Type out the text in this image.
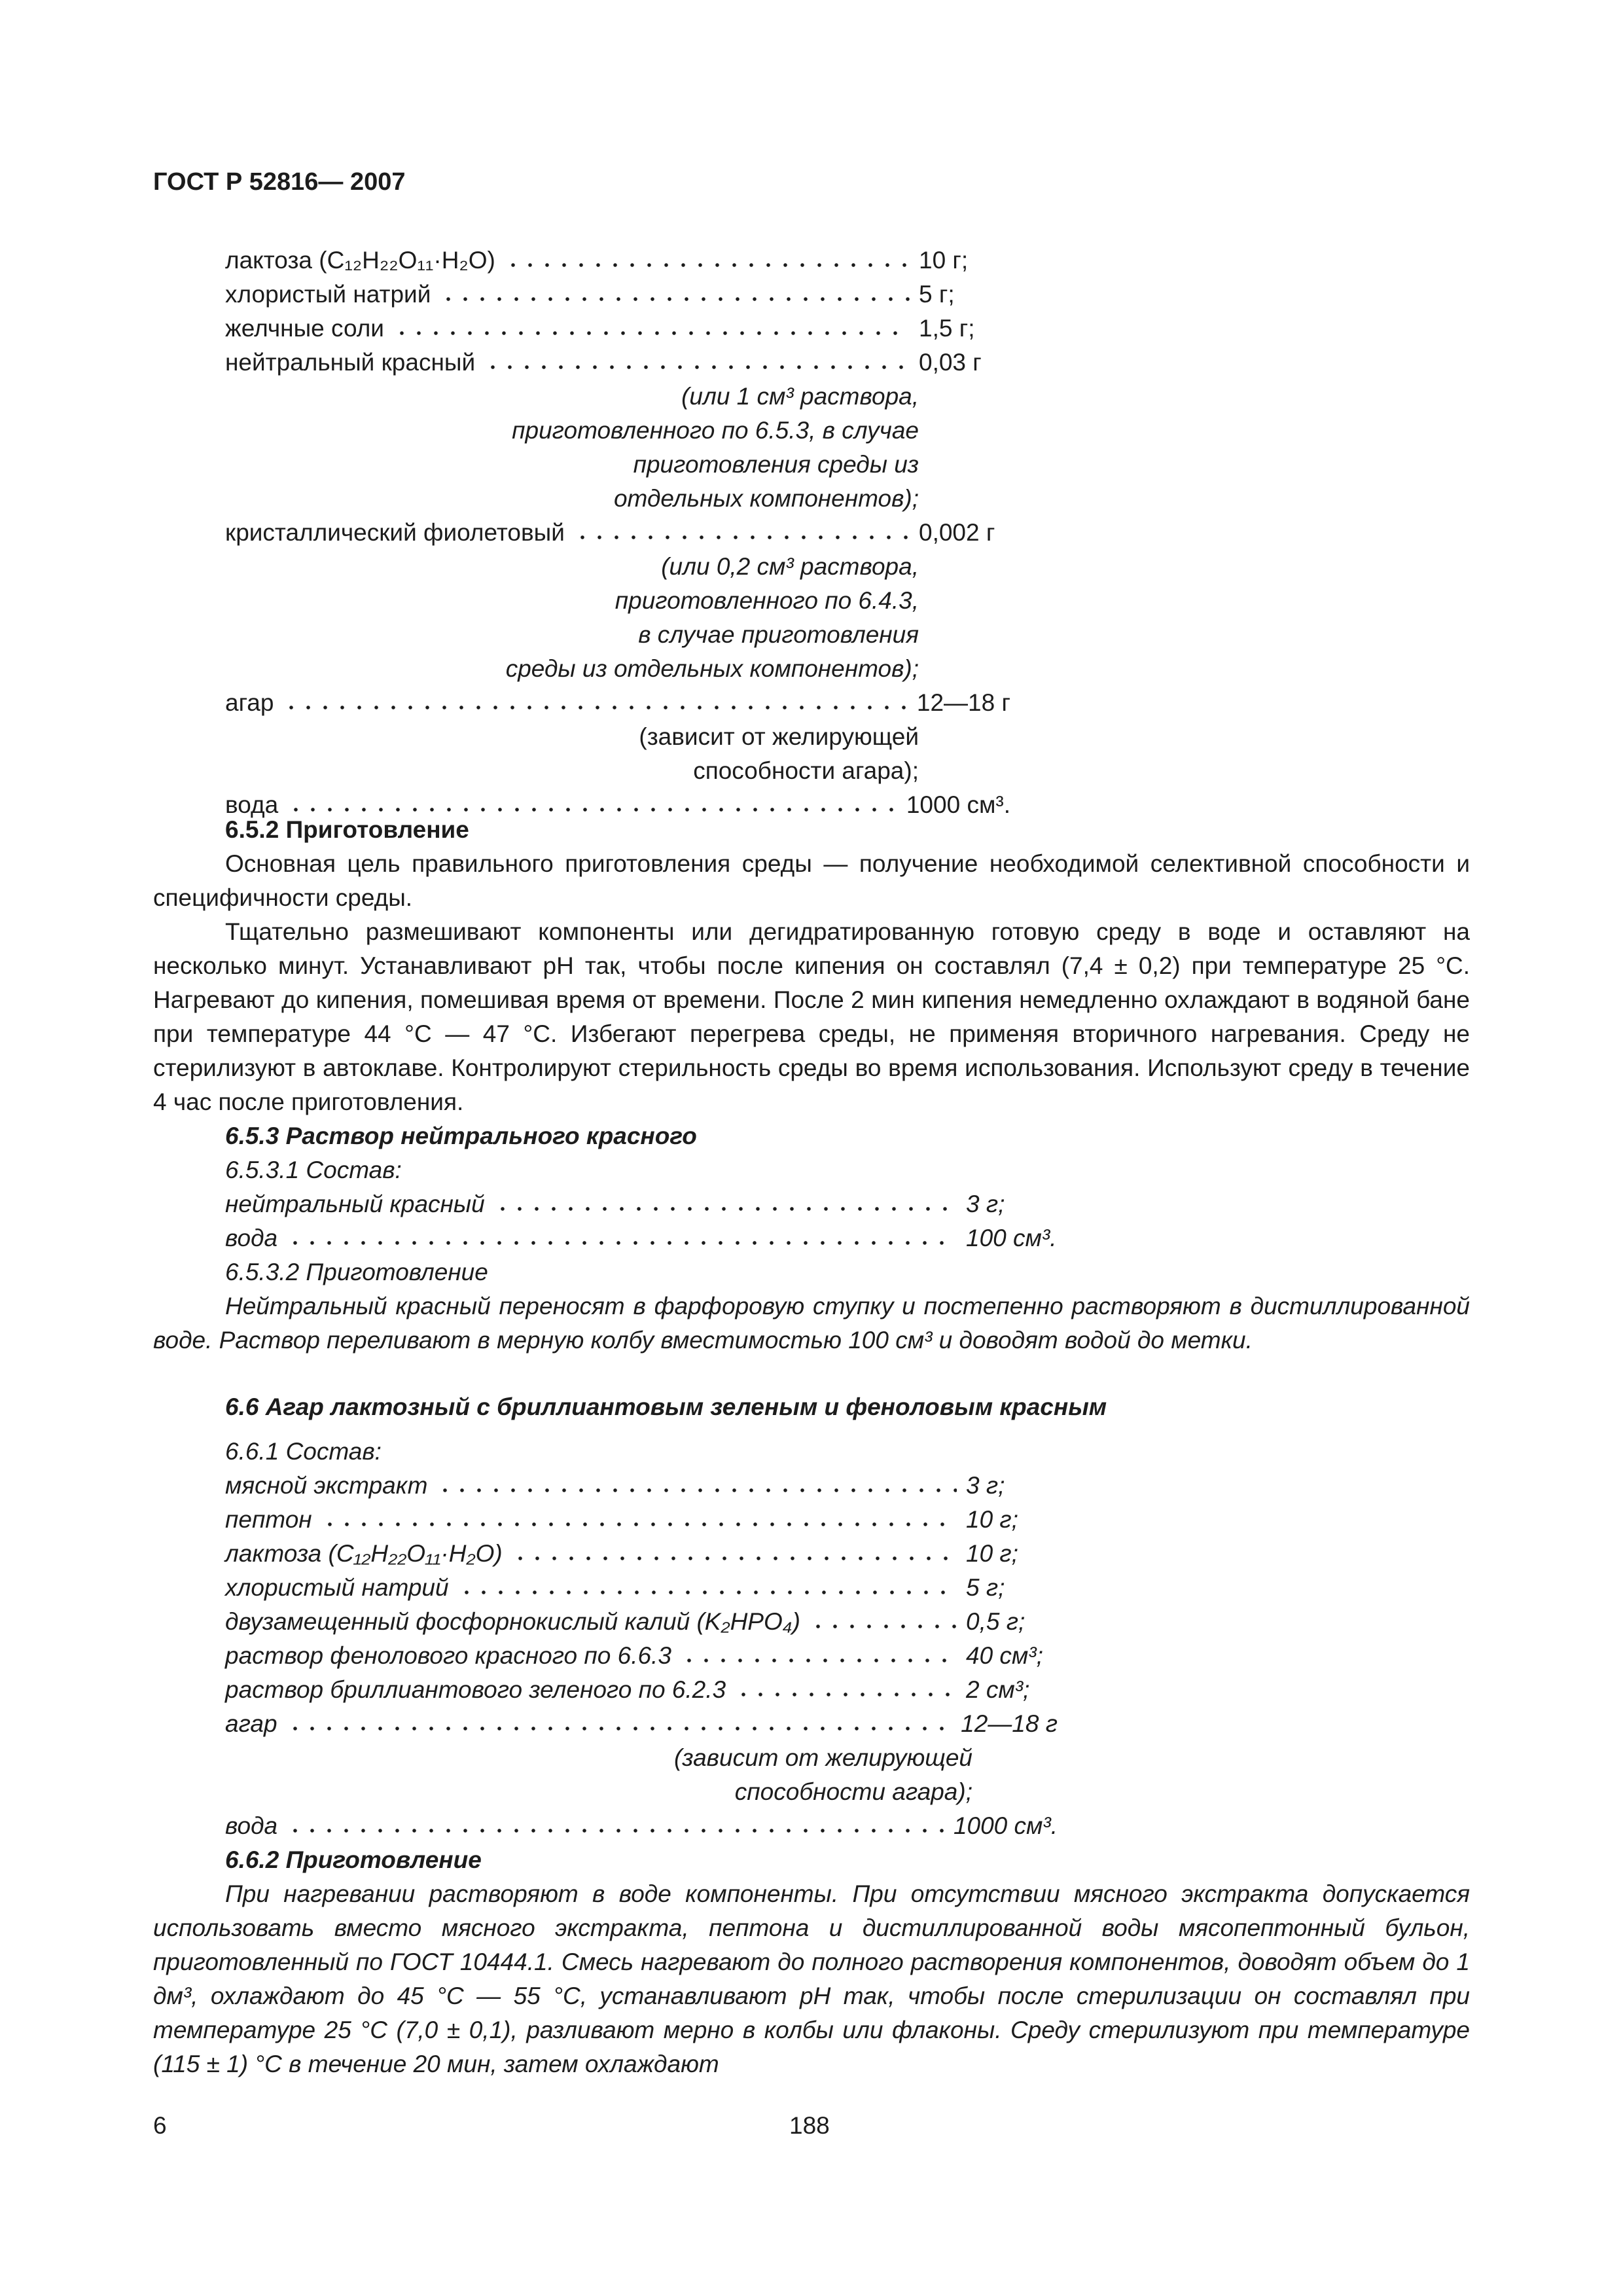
ГОСТ Р 52816— 2007
лактоза (C₁₂H₂₂O₁₁·H₂O)	10 г;
хлористый натрий	5 г;
желчные соли	1,5 г;
нейтральный красный	0,03 г
(или 1 см³ раствора,
приготовленного по 6.5.3, в случае
приготовления среды из
отдельных компонентов);
кристаллический фиолетовый	0,002 г
(или 0,2 см³ раствора,
приготовленного по 6.4.3,
в случае приготовления
среды из отдельных компонентов);
агар	12—18 г
(зависит от желирующей
способности агара);
вода	1000 см³.
6.5.2 Приготовление

Основная цель правильного приготовления среды — получение необходимой селективной способности и специфичности среды.

Тщательно размешивают компоненты или дегидратированную готовую среду в воде и оставляют на несколько минут. Устанавливают pH так, чтобы после кипения он составлял (7,4 ± 0,2) при температуре 25 °С. Нагревают до кипения, помешивая время от времени. После 2 мин кипения немедленно охлаждают в водяной бане при температуре 44 °С — 47 °С. Избегают перегрева среды, не применяя вторичного нагревания. Среду не стерилизуют в автоклаве. Контролируют стерильность среды во время использования. Используют среду в течение 4 час после приготовления.

6.5.3 Раствор нейтрального красного
6.5.3.1 Состав:
нейтральный красный	3 г;
вода	100 см³.
6.5.3.2 Приготовление

Нейтральный красный переносят в фарфоровую ступку и постепенно растворяют в дистиллированной воде. Раствор переливают в мерную колбу вместимостью 100 см³ и доводят водой до метки.

6.6 Агар лактозный с бриллиантовым зеленым и феноловым красным
6.6.1 Состав:
мясной экстракт	3 г;
пептон	10 г;
лактоза (C₁₂H₂₂O₁₁·H₂O)	10 г;
хлористый натрий	5 г;
двузамещенный фосфорнокислый калий (K₂HPO₄)	0,5 г;
раствор фенолового красного по 6.6.3	40 см³;
раствор бриллиантового зеленого по 6.2.3	2 см³;
агар	12—18 г
(зависит от желирующей
способности агара);
вода	1000 см³.
6.6.2 Приготовление

При нагревании растворяют в воде компоненты. При отсутствии мясного экстракта допускается использовать вместо мясного экстракта, пептона и дистиллированной воды мясопептонный бульон, приготовленный по ГОСТ 10444.1. Смесь нагревают до полного растворения компонентов, доводят объем до 1 дм³, охлаждают до 45 °С — 55 °С, устанавливают pH так, чтобы после стерилизации он составлял при температуре 25 °С (7,0 ± 0,1), разливают мерно в колбы или флаконы. Среду стерилизуют при температуре (115 ± 1) °С в течение 20 мин, затем охлаждают

6	188
